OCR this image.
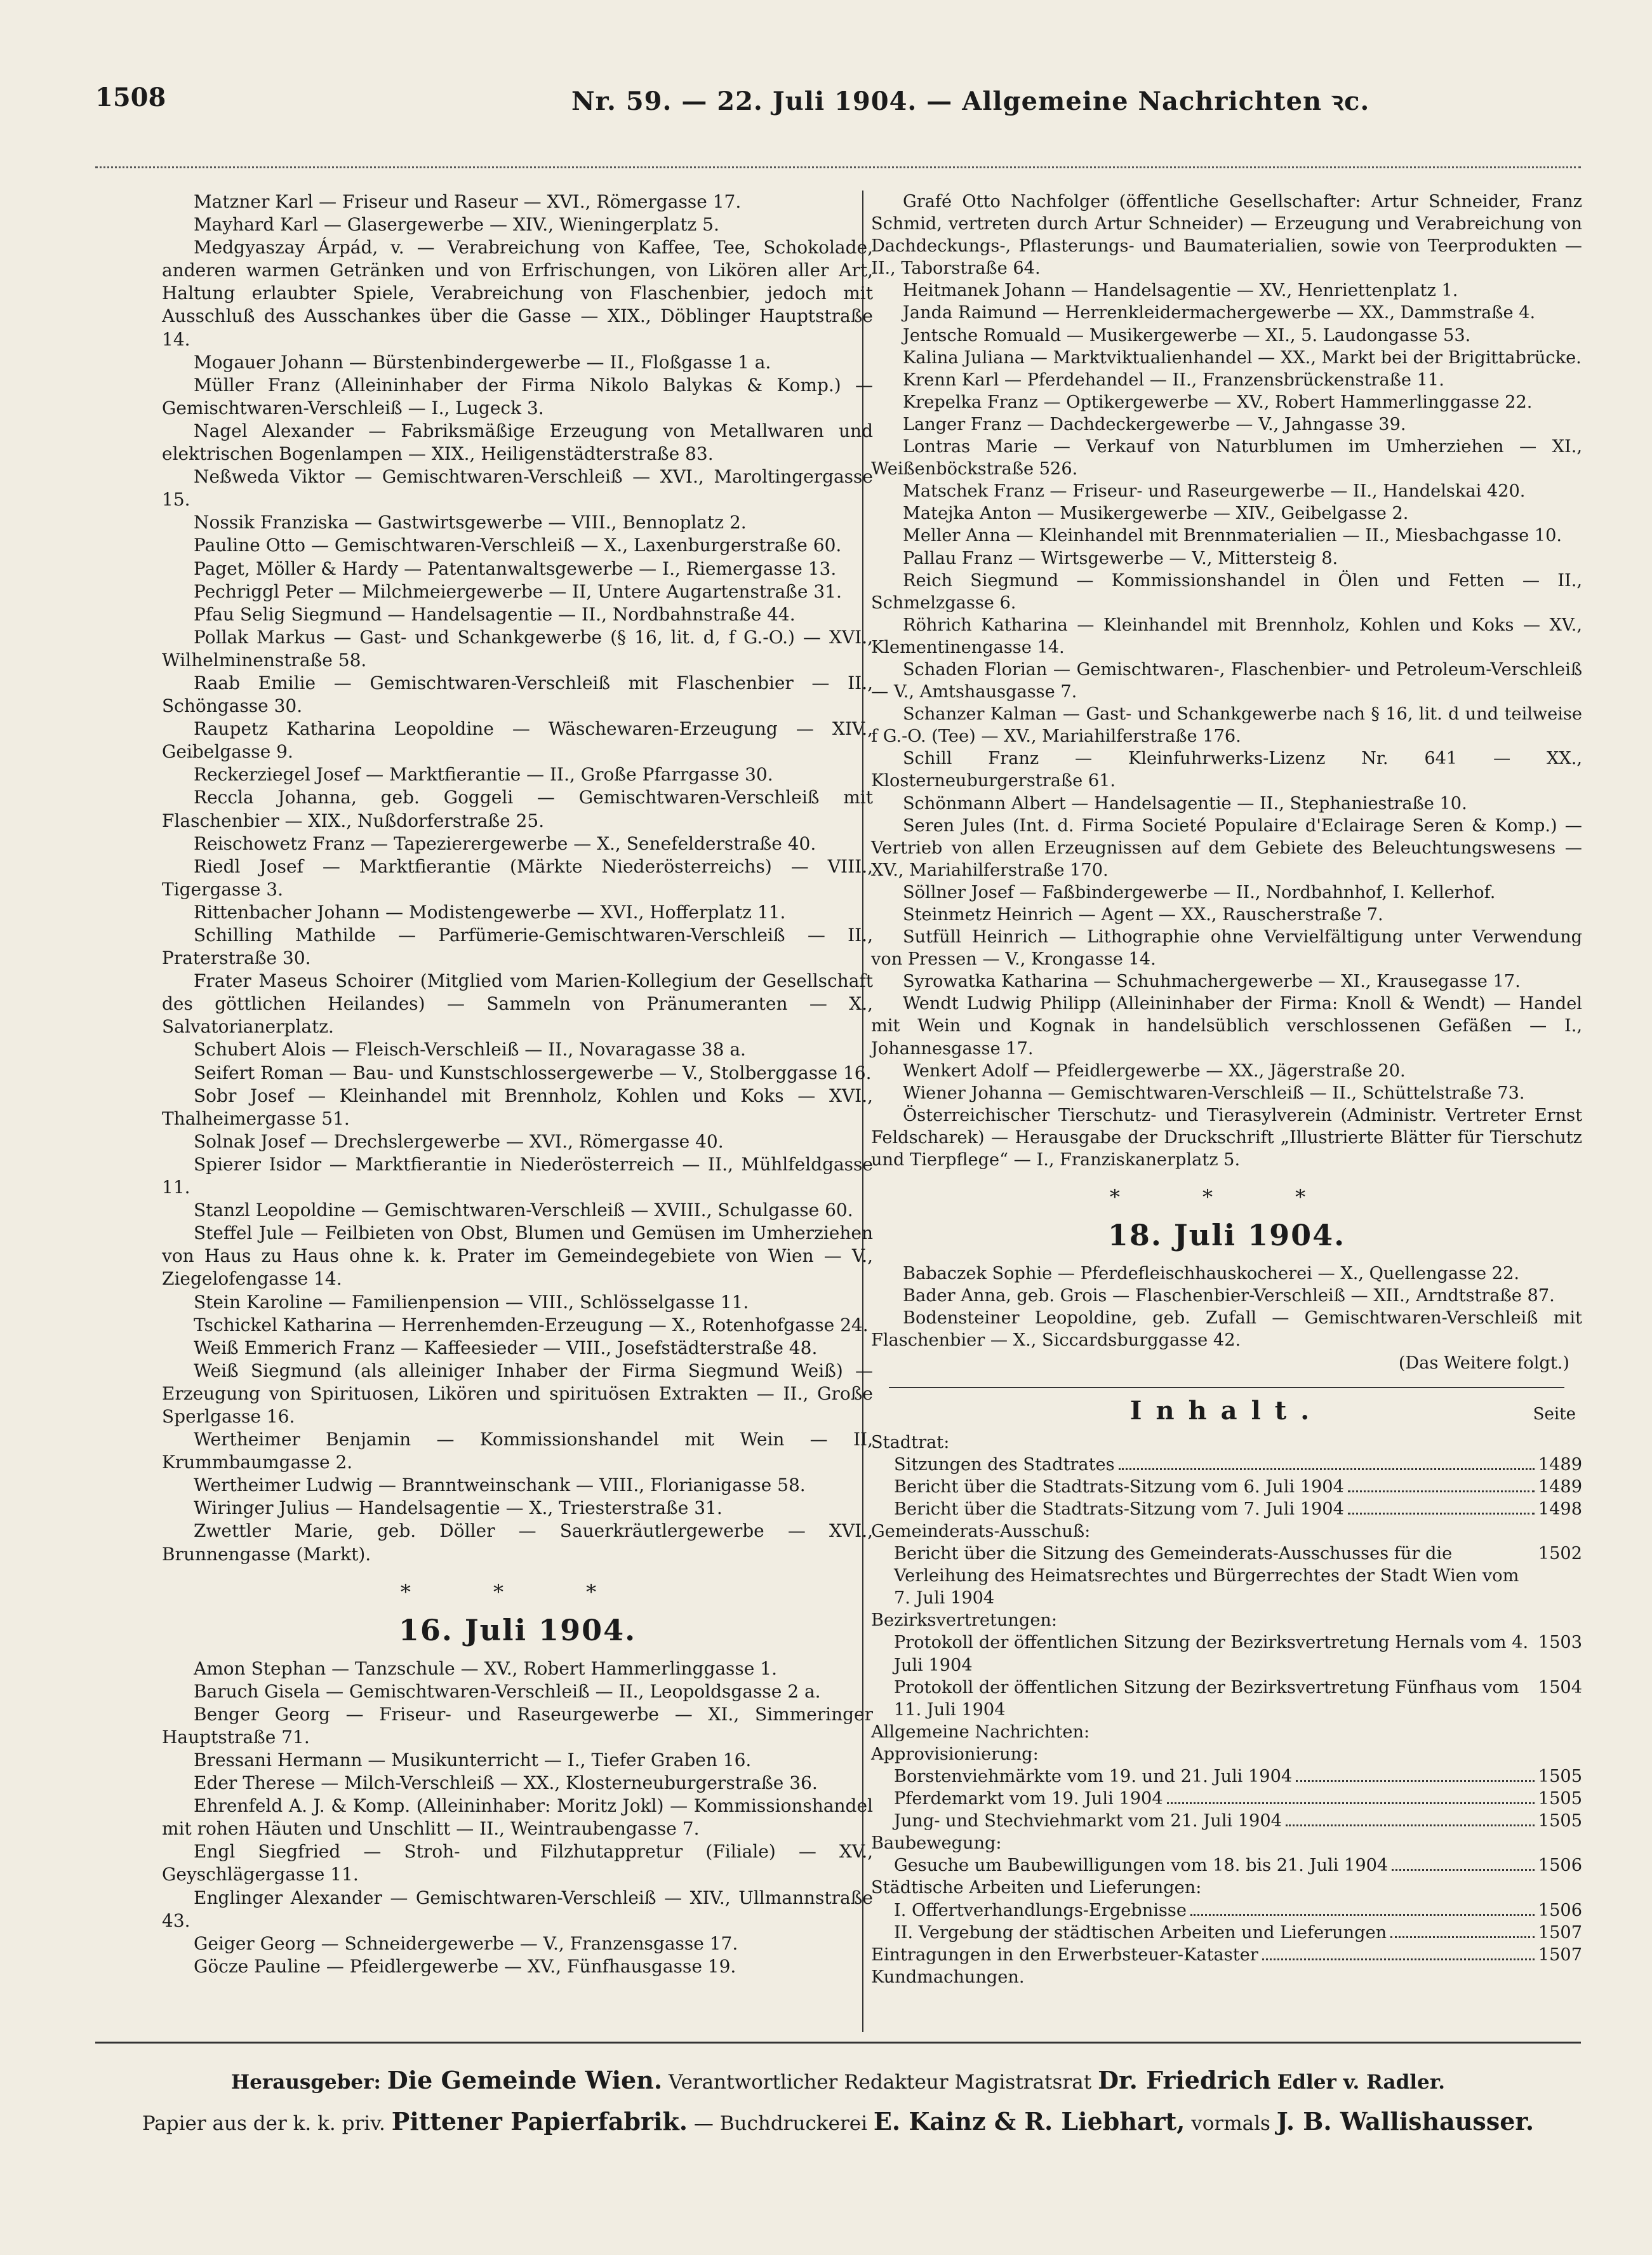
1508	Nr. 59. — 22. Juli 1904. — Allgemeine Nachrichten ꝛc.

Matzner Karl — Friseur und Raseur — XVI., Römergasse 17.

Mayhard Karl — Glasergewerbe — XIV., Wieningerplatz 5.

Medgyaszay Árpád, v. — Verabreichung von Kaffee, Tee, Schokolade, anderen warmen Getränken und von Erfrischungen, von Likören aller Art, Haltung erlaubter Spiele, Verabreichung von Flaschenbier, jedoch mit Ausschluß des Ausschankes über die Gasse — XIX., Döblinger Hauptstraße 14.

Mogauer Johann — Bürstenbindergewerbe — II., Floßgasse 1 a.

Müller Franz (Alleininhaber der Firma Nikolo Balykas & Komp.) — Gemischtwaren-Verschleiß — I., Lugeck 3.

Nagel Alexander — Fabriksmäßige Erzeugung von Metallwaren und elektrischen Bogenlampen — XIX., Heiligenstädterstraße 83.

Neßweda Viktor — Gemischtwaren-Verschleiß — XVI., Maroltingergasse 15.

Nossik Franziska — Gastwirtsgewerbe — VIII., Bennoplatz 2.

Pauline Otto — Gemischtwaren-Verschleiß — X., Laxenburgerstraße 60.

Paget, Möller & Hardy — Patentanwaltsgewerbe — I., Riemergasse 13.

Pechriggl Peter — Milchmeiergewerbe — II, Untere Augartenstraße 31.

Pfau Selig Siegmund — Handelsagentie — II., Nordbahnstraße 44.

Pollak Markus — Gast- und Schankgewerbe (§ 16, lit. d, f G.-O.) — XVI., Wilhelminenstraße 58.

Raab Emilie — Gemischtwaren-Verschleiß mit Flaschenbier — II., Schöngasse 30.

Raupetz Katharina Leopoldine — Wäschewaren-Erzeugung — XIV., Geibelgasse 9.

Reckerziegel Josef — Marktfierantie — II., Große Pfarrgasse 30.

Reccla Johanna, geb. Goggeli — Gemischtwaren-Verschleiß mit Flaschenbier — XIX., Nußdorferstraße 25.

Reischowetz Franz — Tapezierergewerbe — X., Senefelderstraße 40.

Riedl Josef — Marktfierantie (Märkte Niederösterreichs) — VIII., Tigergasse 3.

Rittenbacher Johann — Modistengewerbe — XVI., Hofferplatz 11.

Schilling Mathilde — Parfümerie-Gemischtwaren-Verschleiß — II., Praterstraße 30.

Frater Maseus Schoirer (Mitglied vom Marien-Kollegium der Gesellschaft des göttlichen Heilandes) — Sammeln von Pränumeranten — X., Salvatorianerplatz.

Schubert Alois — Fleisch-Verschleiß — II., Novaragasse 38 a.

Seifert Roman — Bau- und Kunstschlossergewerbe — V., Stolberggasse 16.

Sobr Josef — Kleinhandel mit Brennholz, Kohlen und Koks — XVI., Thalheimergasse 51.

Solnak Josef — Drechslergewerbe — XVI., Römergasse 40.

Spierer Isidor — Marktfierantie in Niederösterreich — II., Mühlfeldgasse 11.

Stanzl Leopoldine — Gemischtwaren-Verschleiß — XVIII., Schulgasse 60.

Steffel Jule — Feilbieten von Obst, Blumen und Gemüsen im Umherziehen von Haus zu Haus ohne k. k. Prater im Gemeindegebiete von Wien — V., Ziegelofengasse 14.

Stein Karoline — Familienpension — VIII., Schlösselgasse 11.

Tschickel Katharina — Herrenhemden-Erzeugung — X., Rotenhofgasse 24.

Weiß Emmerich Franz — Kaffeesieder — VIII., Josefstädterstraße 48.

Weiß Siegmund (als alleiniger Inhaber der Firma Siegmund Weiß) — Erzeugung von Spirituosen, Likören und spirituösen Extrakten — II., Große Sperlgasse 16.

Wertheimer Benjamin — Kommissionshandel mit Wein — II, Krummbaumgasse 2.

Wertheimer Ludwig — Branntweinschank — VIII., Florianigasse 58.

Wiringer Julius — Handelsagentie — X., Triesterstraße 31.

Zwettler Marie, geb. Döller — Sauerkräutlergewerbe — XVI., Brunnengasse (Markt).

* * *
16. Juli 1904.

Amon Stephan — Tanzschule — XV., Robert Hammerlinggasse 1.

Baruch Gisela — Gemischtwaren-Verschleiß — II., Leopoldsgasse 2 a.

Benger Georg — Friseur- und Raseurgewerbe — XI., Simmeringer Hauptstraße 71.

Bressani Hermann — Musikunterricht — I., Tiefer Graben 16.

Eder Therese — Milch-Verschleiß — XX., Klosterneuburgerstraße 36.

Ehrenfeld A. J. & Komp. (Alleininhaber: Moritz Jokl) — Kommissionshandel mit rohen Häuten und Unschlitt — II., Weintraubengasse 7.

Engl Siegfried — Stroh- und Filzhutappretur (Filiale) — XV., Geyschlägergasse 11.

Englinger Alexander — Gemischtwaren-Verschleiß — XIV., Ullmannstraße 43.

Geiger Georg — Schneidergewerbe — V., Franzensgasse 17.

Göcze Pauline — Pfeidlergewerbe — XV., Fünfhausgasse 19.

Grafé Otto Nachfolger (öffentliche Gesellschafter: Artur Schneider, Franz Schmid, vertreten durch Artur Schneider) — Erzeugung und Verabreichung von Dachdeckungs-, Pflasterungs- und Baumaterialien, sowie von Teerprodukten — II., Taborstraße 64.

Heitmanek Johann — Handelsagentie — XV., Henriettenplatz 1.

Janda Raimund — Herrenkleidermachergewerbe — XX., Dammstraße 4.

Jentsche Romuald — Musikergewerbe — XI., 5. Laudongasse 53.

Kalina Juliana — Marktviktualienhandel — XX., Markt bei der Brigittabrücke.

Krenn Karl — Pferdehandel — II., Franzensbrückenstraße 11.

Krepelka Franz — Optikergewerbe — XV., Robert Hammerlinggasse 22.

Langer Franz — Dachdeckergewerbe — V., Jahngasse 39.

Lontras Marie — Verkauf von Naturblumen im Umherziehen — XI., Weißenböckstraße 526.

Matschek Franz — Friseur- und Raseurgewerbe — II., Handelskai 420.

Matejka Anton — Musikergewerbe — XIV., Geibelgasse 2.

Meller Anna — Kleinhandel mit Brennmaterialien — II., Miesbachgasse 10.

Pallau Franz — Wirtsgewerbe — V., Mittersteig 8.

Reich Siegmund — Kommissionshandel in Ölen und Fetten — II., Schmelzgasse 6.

Röhrich Katharina — Kleinhandel mit Brennholz, Kohlen und Koks — XV., Klementinengasse 14.

Schaden Florian — Gemischtwaren-, Flaschenbier- und Petroleum-Verschleiß — V., Amtshausgasse 7.

Schanzer Kalman — Gast- und Schankgewerbe nach § 16, lit. d und teilweise f G.-O. (Tee) — XV., Mariahilferstraße 176.

Schill Franz — Kleinfuhrwerks-Lizenz Nr. 641 — XX., Klosterneuburgerstraße 61.

Schönmann Albert — Handelsagentie — II., Stephaniestraße 10.

Seren Jules (Int. d. Firma Societé Populaire d'Eclairage Seren & Komp.) — Vertrieb von allen Erzeugnissen auf dem Gebiete des Beleuchtungswesens — XV., Mariahilferstraße 170.

Söllner Josef — Faßbindergewerbe — II., Nordbahnhof, I. Kellerhof.

Steinmetz Heinrich — Agent — XX., Rauscherstraße 7.

Sutfüll Heinrich — Lithographie ohne Vervielfältigung unter Verwendung von Pressen — V., Krongasse 14.

Syrowatka Katharina — Schuhmachergewerbe — XI., Krausegasse 17.

Wendt Ludwig Philipp (Alleininhaber der Firma: Knoll & Wendt) — Handel mit Wein und Kognak in handelsüblich verschlossenen Gefäßen — I., Johannesgasse 17.

Wenkert Adolf — Pfeidlergewerbe — XX., Jägerstraße 20.

Wiener Johanna — Gemischtwaren-Verschleiß — II., Schüttelstraße 73.

Österreichischer Tierschutz- und Tierasylverein (Administr. Vertreter Ernst Feldscharek) — Herausgabe der Druckschrift „Illustrierte Blätter für Tierschutz und Tierpflege“ — I., Franziskanerplatz 5.

* * *
18. Juli 1904.

Babaczek Sophie — Pferdefleischhauskocherei — X., Quellengasse 22.

Bader Anna, geb. Grois — Flaschenbier-Verschleiß — XII., Arndtstraße 87.

Bodensteiner Leopoldine, geb. Zufall — Gemischtwaren-Verschleiß mit Flaschenbier — X., Siccardsburggasse 42.

(Das Weitere folgt.)

Inhalt.	Seite
Stadtrat:
Sitzungen des Stadtrates	1489
Bericht über die Stadtrats-Sitzung vom 6. Juli 1904	1489
Bericht über die Stadtrats-Sitzung vom 7. Juli 1904	1498
Gemeinderats-Ausschuß:
Bericht über die Sitzung des Gemeinderats-Ausschusses für die Verleihung des Heimatsrechtes und Bürgerrechtes der Stadt Wien vom 7. Juli 1904
1502
Bezirksvertretungen:
Protokoll der öffentlichen Sitzung der Bezirksvertretung Hernals vom 4. Juli 1904
1503
Protokoll der öffentlichen Sitzung der Bezirksvertretung Fünfhaus vom 11. Juli 1904
1504
Allgemeine Nachrichten:
Approvisionierung:
Borstenviehmärkte vom 19. und 21. Juli 1904	1505
Pferdemarkt vom 19. Juli 1904	1505
Jung- und Stechviehmarkt vom 21. Juli 1904	1505
Baubewegung:
Gesuche um Baubewilligungen vom 18. bis 21. Juli 1904	1506
Städtische Arbeiten und Lieferungen:
I. Offertverhandlungs-Ergebnisse	1506
II. Vergebung der städtischen Arbeiten und Lieferungen	1507
Eintragungen in den Erwerbsteuer-Kataster	1507
Kundmachungen.
Herausgeber: Die Gemeinde Wien. Verantwortlicher Redakteur Magistratsrat Dr. Friedrich Edler v. Radler.
Papier aus der k. k. priv. Pittener Papierfabrik. — Buchdruckerei E. Kainz & R. Liebhart, vormals J. B. Wallishausser.
